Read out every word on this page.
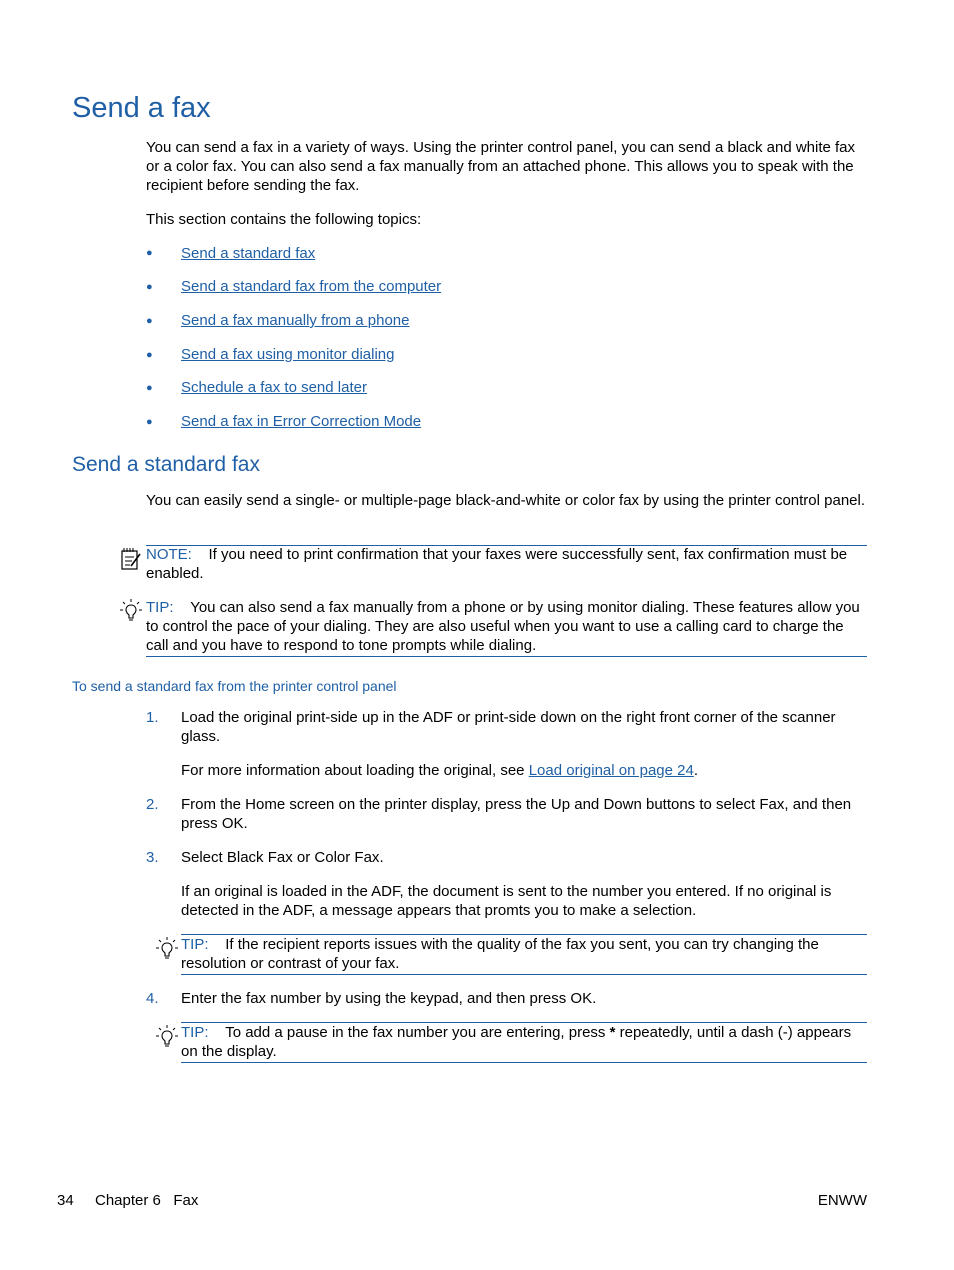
Send a fax
You can send a fax in a variety of ways. Using the printer control panel, you can send a black and white fax or a color fax. You can also send a fax manually from an attached phone. This allows you to speak with the recipient before sending the fax.
This section contains the following topics:
● Send a standard fax
● Send a standard fax from the computer
● Send a fax manually from a phone
● Send a fax using monitor dialing
● Schedule a fax to send later
● Send a fax in Error Correction Mode
Send a standard fax
You can easily send a single- or multiple-page black-and-white or color fax by using the printer control panel.
NOTE: If you need to print confirmation that your faxes were successfully sent, fax confirmation must be enabled.
TIP: You can also send a fax manually from a phone or by using monitor dialing. These features allow you to control the pace of your dialing. They are also useful when you want to use a calling card to charge the call and you have to respond to tone prompts while dialing.
To send a standard fax from the printer control panel
1. Load the original print-side up in the ADF or print-side down on the right front corner of the scanner glass.
For more information about loading the original, see Load original on page 24.
2. From the Home screen on the printer display, press the Up and Down buttons to select Fax, and then press OK.
3. Select Black Fax or Color Fax.
If an original is loaded in the ADF, the document is sent to the number you entered. If no original is detected in the ADF, a message appears that promts you to make a selection.
TIP: If the recipient reports issues with the quality of the fax you sent, you can try changing the resolution or contrast of your fax.
4. Enter the fax number by using the keypad, and then press OK.
TIP: To add a pause in the fax number you are entering, press * repeatedly, until a dash (-) appears on the display.
34 Chapter 6   Fax	ENWW
